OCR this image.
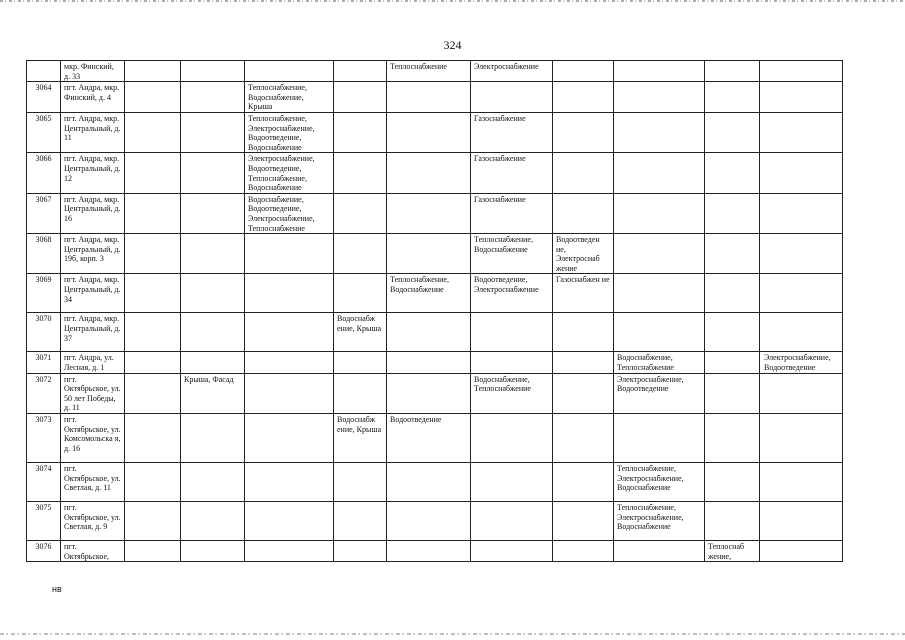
324
	мкр. Финский, д. 33					Теплоснабжение	Электроснабжение				
3064	пгт. Андра, мкр. Финский, д. 4			Теплоснабжение, Водоснабжение, Крыша							
3065	пгт. Андра, мкр. Центральный, д. 11			Теплоснабжение, Электроснабжение, Водоотведение, Водоснабжение			Газоснабжение				
3066	пгт. Андра, мкр. Центральный, д. 12			Электроснабжение, Водоотведение, Теплоснабжение, Водоснабжение			Газоснабжение				
3067	пгт. Андра, мкр. Центральный, д. 16			Водоснабжение, Водоотведение, Электроснабжение, Теплоснабжение			Газоснабжение				
3068	пгт. Андра, мкр. Центральный, д. 19б, корп. 3						Теплоснабжение, Водоснабжение	Водоотведен ие, Электросиаб жение			
3069	пгт. Андра, мкр. Центральный, д. 34					Теплоснабжение, Водоснабжение	Водоотведение, Электроснабжение	Газоснабжен ие			
3070	пгт. Андра, мкр. Центральный, д. 37				Водоснабж ение, Крыша						
3071	пгт. Андра, ул. Лесная, д. 1								Водоснабжение, Теплоснабжение		Электроснабжение, Водоотведение
3072	пгт. Октябрьское, ул. 50 лет Победы, д. 11		Крыша, Фасад				Водоснабжение, Теплоснабжение		Электроснабжение, Водоотведение		
3073	пгт. Октябрьское, ул. Комсомольска я, д. 16				Водоснабж ение, Крыша	Водоотведение					
3074	пгт. Октябрьское, ул. Светлая, д. 11								Теплоснабжение, Электроснабжение, Водоснабжение		
3075	пгт. Октябрьское, ул. Светлая, д. 9								Теплоснабжение, Электроснабжение, Водоснабжение		
3076	пгт. Октябрьское,									Теплоснаб жение,	
нв
